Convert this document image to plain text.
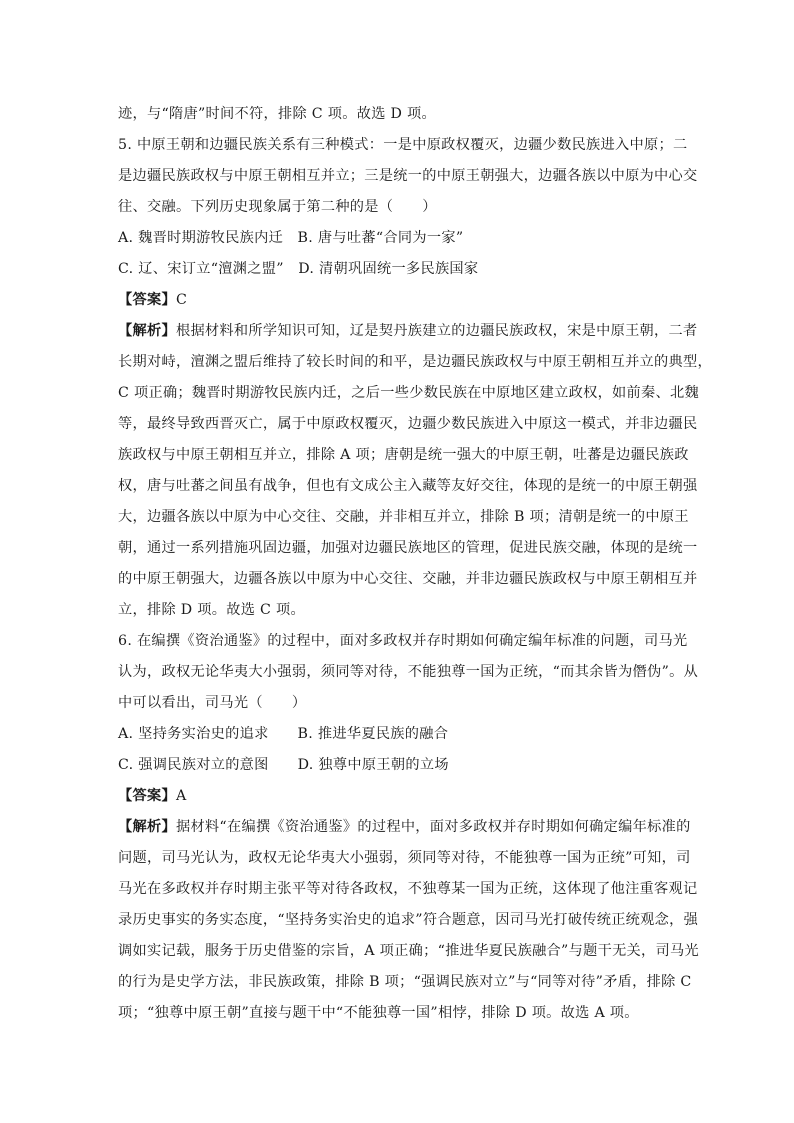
迹，与“隋唐”时间不符，排除 C 项。故选 D 项。
5. 中原王朝和边疆民族关系有三种模式：一是中原政权覆灭，边疆少数民族进入中原；二
是边疆民族政权与中原王朝相互并立；三是统一的中原王朝强大，边疆各族以中原为中心交
往、交融。下列历史现象属于第二种的是（　　）
A. 魏晋时期游牧民族内迁　B. 唐与吐蕃“合同为一家”
C. 辽、宋订立“澶渊之盟”　D. 清朝巩固统一多民族国家
【答案】C
【解析】根据材料和所学知识可知，辽是契丹族建立的边疆民族政权，宋是中原王朝，二者
长期对峙，澶渊之盟后维持了较长时间的和平，是边疆民族政权与中原王朝相互并立的典型，
C 项正确；魏晋时期游牧民族内迁，之后一些少数民族在中原地区建立政权，如前秦、北魏
等，最终导致西晋灭亡，属于中原政权覆灭，边疆少数民族进入中原这一模式，并非边疆民
族政权与中原王朝相互并立，排除 A 项；唐朝是统一强大的中原王朝，吐蕃是边疆民族政
权，唐与吐蕃之间虽有战争，但也有文成公主入藏等友好交往，体现的是统一的中原王朝强
大，边疆各族以中原为中心交往、交融，并非相互并立，排除 B 项；清朝是统一的中原王
朝，通过一系列措施巩固边疆，加强对边疆民族地区的管理，促进民族交融，体现的是统一
的中原王朝强大，边疆各族以中原为中心交往、交融，并非边疆民族政权与中原王朝相互并
立，排除 D 项。故选 C 项。
6. 在编撰《资治通鉴》的过程中，面对多政权并存时期如何确定编年标准的问题，司马光
认为，政权无论华夷大小强弱，须同等对待，不能独尊一国为正统，“而其余皆为僭伪”。从
中可以看出，司马光（　　）
A. 坚持务实治史的追求　　B. 推进华夏民族的融合
C. 强调民族对立的意图　　D. 独尊中原王朝的立场
【答案】A
【解析】据材料“在编撰《资治通鉴》的过程中，面对多政权并存时期如何确定编年标准的
问题，司马光认为，政权无论华夷大小强弱，须同等对待，不能独尊一国为正统”可知，司
马光在多政权并存时期主张平等对待各政权，不独尊某一国为正统，这体现了他注重客观记
录历史事实的务实态度，“坚持务实治史的追求”符合题意，因司马光打破传统正统观念，强
调如实记载，服务于历史借鉴的宗旨，A 项正确；“推进华夏民族融合”与题干无关，司马光
的行为是史学方法，非民族政策，排除 B 项；“强调民族对立”与“同等对待”矛盾，排除 C
项；“独尊中原王朝”直接与题干中“不能独尊一国”相悖，排除 D 项。故选 A 项。
